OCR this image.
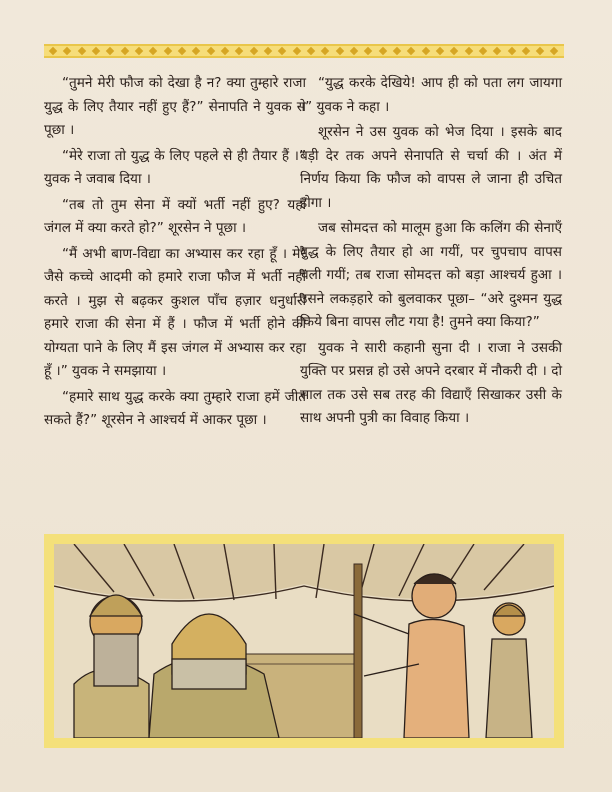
“तुमने मेरी फौज को देखा है न? क्या तुम्हारे राजा युद्ध के लिए तैयार नहीं हुए हैं?” सेनापति ने युवक से पूछा ।

“मेरे राजा तो युद्ध के लिए पहले से ही तैयार हैं ।” युवक ने जवाब दिया ।

“तब तो तुम सेना में क्यों भर्ती नहीं हुए? यहाँ जंगल में क्या करते हो?” शूरसेन ने पूछा ।

“मैं अभी बाण-विद्या का अभ्यास कर रहा हूँ । मेरे जैसे कच्चे आदमी को हमारे राजा फौज में भर्ती नहीं करते । मुझ से बढ़कर कुशल पाँच हज़ार धनुर्धारी हमारे राजा की सेना में हैं । फौज में भर्ती होने की योग्यता पाने के लिए मैं इस जंगल में अभ्यास कर रहा हूँ ।” युवक ने समझाया ।

“हमारे साथ युद्ध करके क्या तुम्हारे राजा हमें जीत सकते हैं?” शूरसेन ने आश्चर्य में आकर पूछा ।

“युद्ध करके देखिये! आप ही को पता लग जायगा ।” युवक ने कहा ।

शूरसेन ने उस युवक को भेज दिया । इसके बाद बड़ी देर तक अपने सेनापति से चर्चा की । अंत में निर्णय किया कि फौज को वापस ले जाना ही उचित होगा ।

जब सोमदत्त को मालूम हुआ कि कलिंग की सेनाएँ युद्ध के लिए तैयार हो आ गयीं, पर चुपचाप वापस चली गयीं; तब राजा सोमदत्त को बड़ा आश्चर्य हुआ । उसने लकड़हारे को बुलवाकर पूछा– “अरे दुश्मन युद्ध किये बिना वापस लौट गया है! तुमने क्या किया?”

युवक ने सारी कहानी सुना दी । राजा ने उसकी युक्ति पर प्रसन्न हो उसे अपने दरबार में नौकरी दी । दो साल तक उसे सब तरह की विद्याएँ सिखाकर उसी के साथ अपनी पुत्री का विवाह किया ।
